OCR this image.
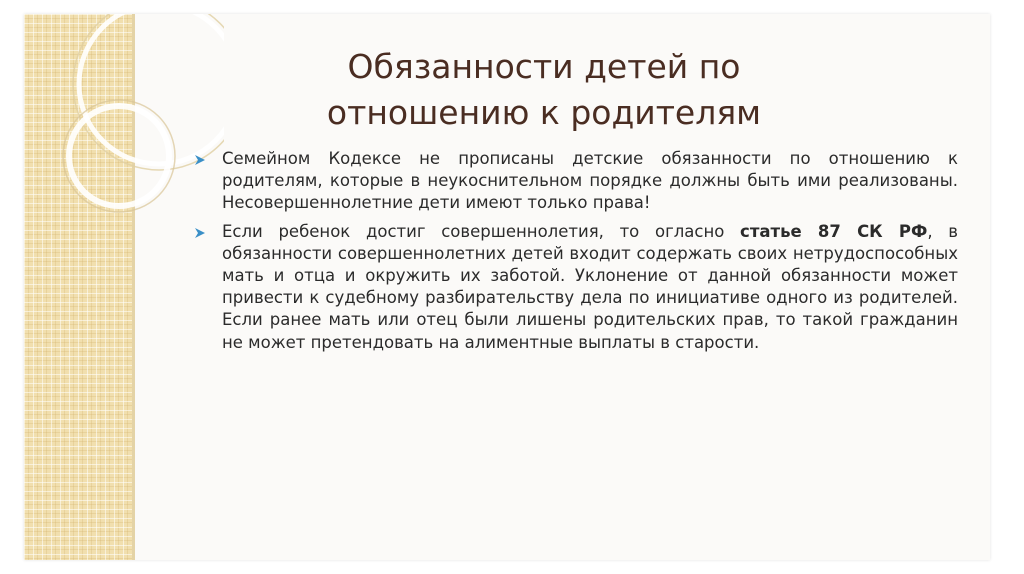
Обязанности детей по
отношению к родителям
Семейном Кодексе не прописаны детские обязанности по отношению к родителям, которые в неукоснительном порядке должны быть ими реализованы. Несовершеннолетние дети имеют только права!
Если ребенок достиг совершеннолетия, то огласно статье 87 СК РФ, в обязанности совершеннолетних детей входит содержать своих нетрудоспособных мать и отца и окружить их заботой. Уклонение от данной обязанности может привести к судебному разбирательству дела по инициативе одного из родителей. Если ранее мать или отец были лишены родительских прав, то такой гражданин не может претендовать на алиментные выплаты в старости.
